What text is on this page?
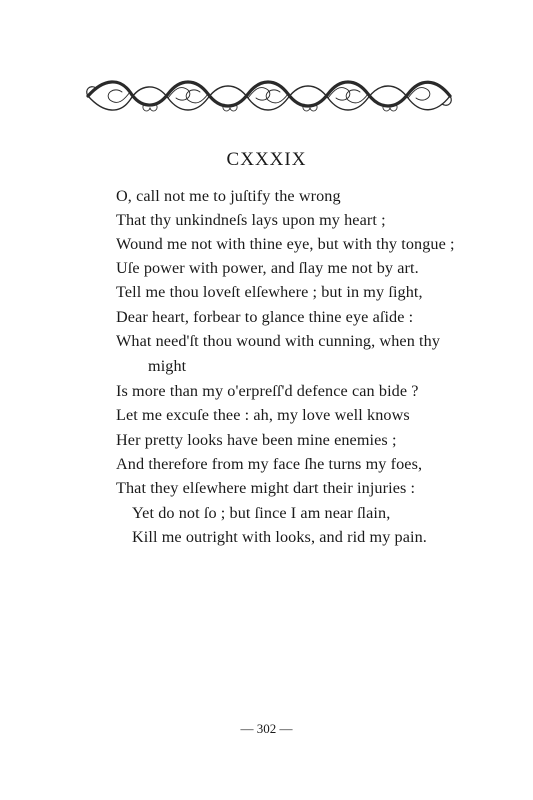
CXXXIX
O, call not me to juſtify the wrong
That thy unkindneſs lays upon my heart ;
Wound me not with thine eye, but with thy tongue ;
Uſe power with power, and ſlay me not by art.
Tell me thou loveſt elſewhere ; but in my ſight,
Dear heart, forbear to glance thine eye aſide :
What need'ſt thou wound with cunning, when thy
might
Is more than my o'erpreſſ'd defence can bide ?
Let me excuſe thee : ah, my love well knows
Her pretty looks have been mine enemies ;
And therefore from my face ſhe turns my foes,
That they elſewhere might dart their injuries :
Yet do not ſo ; but ſince I am near ſlain,
Kill me outright with looks, and rid my pain.
— 302 —
